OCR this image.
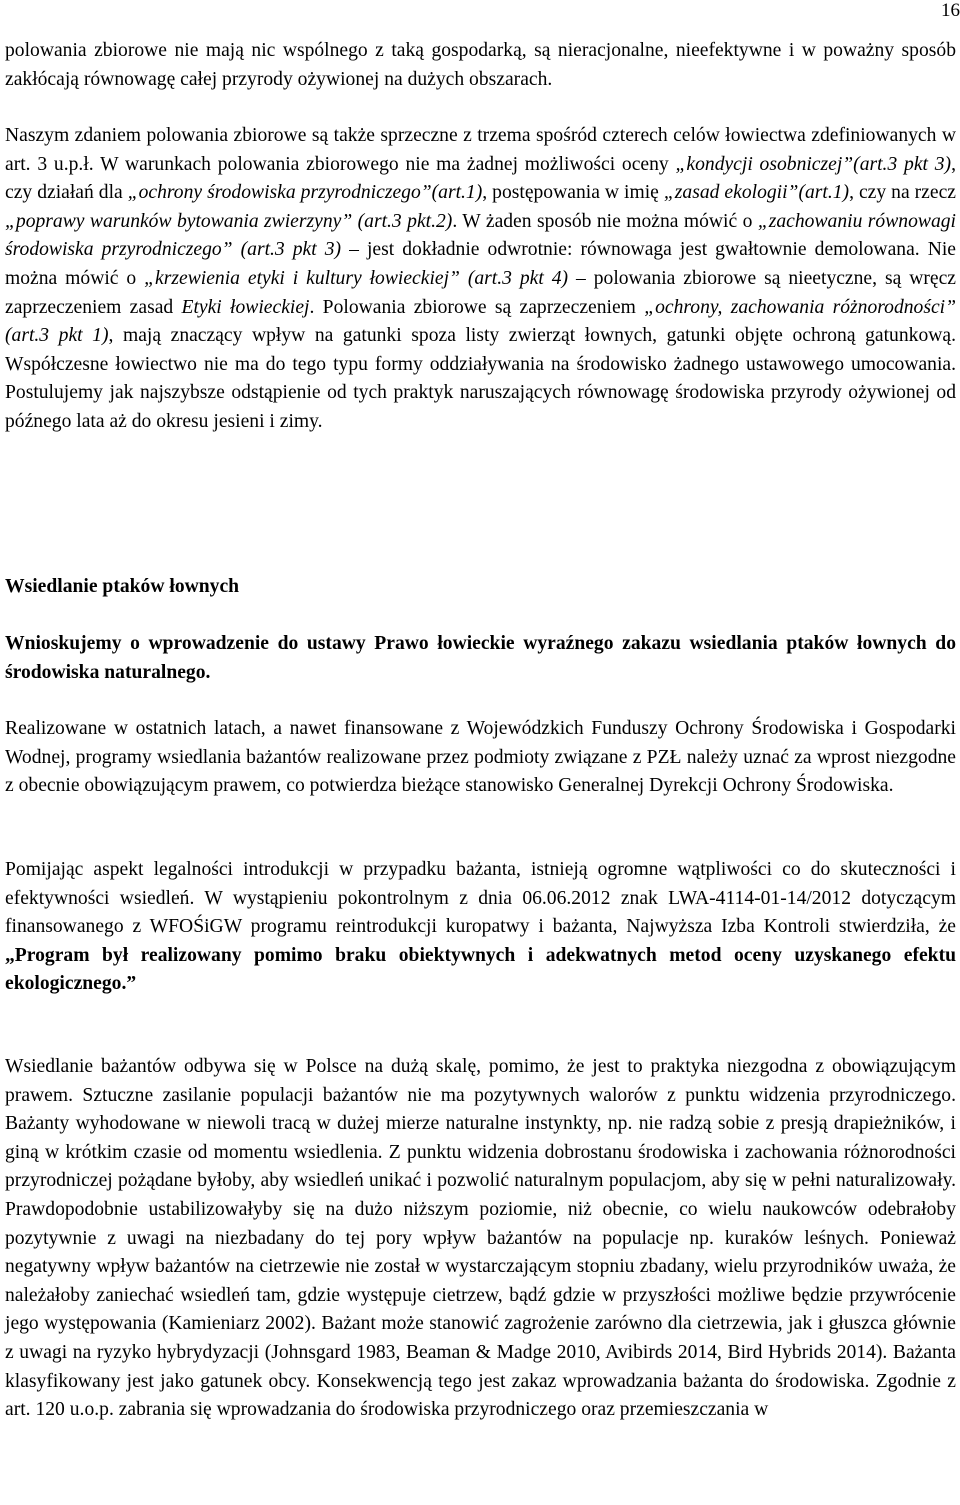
16

polowania zbiorowe nie mają nic wspólnego z taką gospodarką, są nieracjonalne, nieefektywne i w poważny sposób zakłócają równowagę całej przyrody ożywionej na dużych obszarach.

Naszym zdaniem polowania zbiorowe są także sprzeczne z trzema spośród czterech celów łowiectwa zdefiniowanych w art. 3 u.p.ł. W warunkach polowania zbiorowego nie ma żadnej możliwości oceny „kondycji osobniczej”(art.3 pkt 3), czy działań dla „ochrony środowiska przyrodniczego”(art.1), postępowania w imię „zasad ekologii”(art.1), czy na rzecz „poprawy warunków bytowania zwierzyny” (art.3 pkt.2). W żaden sposób nie można mówić o „zachowaniu równowagi środowiska przyrodniczego” (art.3 pkt 3) – jest dokładnie odwrotnie: równowaga jest gwałtownie demolowana. Nie można mówić o „krzewienia etyki i kultury łowieckiej” (art.3 pkt 4) – polowania zbiorowe są nieetyczne, są wręcz zaprzeczeniem zasad Etyki łowieckiej. Polowania zbiorowe są zaprzeczeniem „ochrony, zachowania różnorodności” (art.3 pkt 1), mają znaczący wpływ na gatunki spoza listy zwierząt łownych, gatunki objęte ochroną gatunkową. Współczesne łowiectwo nie ma do tego typu formy oddziaływania na środowisko żadnego ustawowego umocowania. Postulujemy jak najszybsze odstąpienie od tych praktyk naruszających równowagę środowiska przyrody ożywionej od późnego lata aż do okresu jesieni i zimy.

Wsiedlanie ptaków łownych

Wnioskujemy o wprowadzenie do ustawy Prawo łowieckie wyraźnego zakazu wsiedlania ptaków łownych do środowiska naturalnego.

Realizowane w ostatnich latach, a nawet finansowane z Wojewódzkich Funduszy Ochrony Środowiska i Gospodarki Wodnej, programy wsiedlania bażantów realizowane przez podmioty związane z PZŁ należy uznać za wprost niezgodne z obecnie obowiązującym prawem, co potwierdza bieżące stanowisko Generalnej Dyrekcji Ochrony Środowiska.

Pomijając aspekt legalności introdukcji w przypadku bażanta, istnieją ogromne wątpliwości co do skuteczności i efektywności wsiedleń. W wystąpieniu pokontrolnym z dnia 06.06.2012 znak LWA-4114-01-14/2012 dotyczącym finansowanego z WFOŚiGW programu reintrodukcji kuropatwy i bażanta, Najwyższa Izba Kontroli stwierdziła, że „Program był realizowany pomimo braku obiektywnych i adekwatnych metod oceny uzyskanego efektu ekologicznego.”

Wsiedlanie bażantów odbywa się w Polsce na dużą skalę, pomimo, że jest to praktyka niezgodna z obowiązującym prawem. Sztuczne zasilanie populacji bażantów nie ma pozytywnych walorów z punktu widzenia przyrodniczego. Bażanty wyhodowane w niewoli tracą w dużej mierze naturalne instynkty, np. nie radzą sobie z presją drapieżników, i giną w krótkim czasie od momentu wsiedlenia. Z punktu widzenia dobrostanu środowiska i zachowania różnorodności przyrodniczej pożądane byłoby, aby wsiedleń unikać i pozwolić naturalnym populacjom, aby się w pełni naturalizowały. Prawdopodobnie ustabilizowałyby się na dużo niższym poziomie, niż obecnie, co wielu naukowców odebrałoby pozytywnie z uwagi na niezbadany do tej pory wpływ bażantów na populacje np. kuraków leśnych. Ponieważ negatywny wpływ bażantów na cietrzewie nie został w wystarczającym stopniu zbadany, wielu przyrodników uważa, że należałoby zaniechać wsiedleń tam, gdzie występuje cietrzew, bądź gdzie w przyszłości możliwe będzie przywrócenie jego występowania (Kamieniarz 2002). Bażant może stanowić zagrożenie zarówno dla cietrzewia, jak i głuszca głównie z uwagi na ryzyko hybrydyzacji (Johnsgard 1983, Beaman & Madge 2010, Avibirds 2014, Bird Hybrids 2014). Bażanta klasyfikowany jest jako gatunek obcy. Konsekwencją tego jest zakaz wprowadzania bażanta do środowiska. Zgodnie z art. 120 u.o.p. zabrania się wprowadzania do środowiska przyrodniczego oraz przemieszczania w
